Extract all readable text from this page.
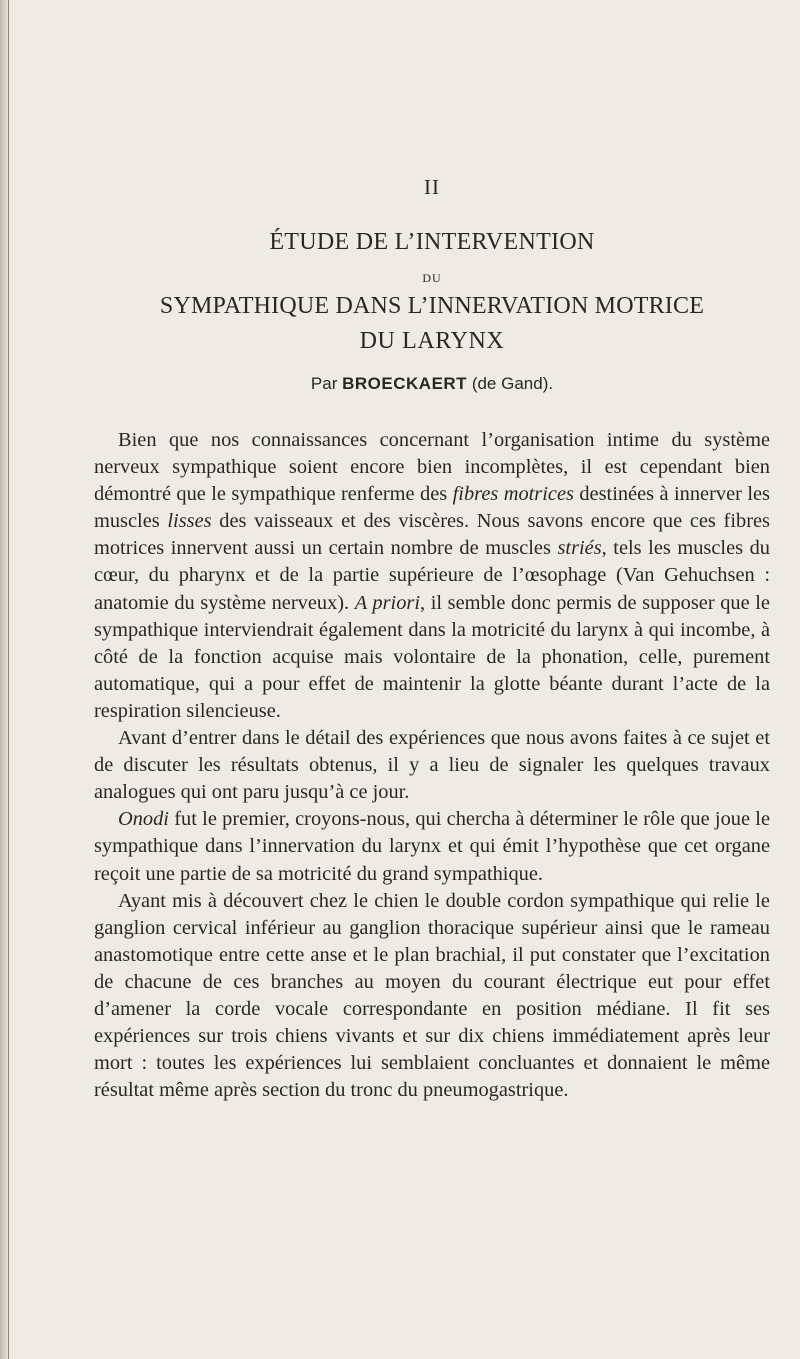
II
ÉTUDE DE L’INTERVENTION
DU
SYMPATHIQUE DANS L’INNERVATION MOTRICE
DU LARYNX
Par BROECKAERT (de Gand).

Bien que nos connaissances concernant l’organisation intime du système nerveux sympathique soient encore bien incomplètes, il est cependant bien démontré que le sympathique renferme des fibres motrices destinées à innerver les muscles lisses des vaisseaux et des viscères. Nous savons encore que ces fibres motrices innervent aussi un certain nombre de muscles striés, tels les muscles du cœur, du pharynx et de la partie supérieure de l’œsophage (Van Gehuchsen : anatomie du système nerveux). A priori, il semble donc permis de supposer que le sympathique interviendrait également dans la motricité du larynx à qui incombe, à côté de la fonction acquise mais volontaire de la phonation, celle, purement automatique, qui a pour effet de maintenir la glotte béante durant l’acte de la respiration silencieuse.

Avant d’entrer dans le détail des expériences que nous avons faites à ce sujet et de discuter les résultats obtenus, il y a lieu de signaler les quelques travaux analogues qui ont paru jusqu’à ce jour.

Onodi fut le premier, croyons-nous, qui chercha à déterminer le rôle que joue le sympathique dans l’innervation du larynx et qui émit l’hypothèse que cet organe reçoit une partie de sa motricité du grand sympathique.

Ayant mis à découvert chez le chien le double cordon sympathique qui relie le ganglion cervical inférieur au ganglion thoracique supérieur ainsi que le rameau anastomotique entre cette anse et le plan brachial, il put constater que l’excitation de chacune de ces branches au moyen du courant électrique eut pour effet d’amener la corde vocale correspondante en position médiane. Il fit ses expériences sur trois chiens vivants et sur dix chiens immédiatement après leur mort : toutes les expériences lui semblaient concluantes et donnaient le même résultat même après section du tronc du pneumogastrique.
